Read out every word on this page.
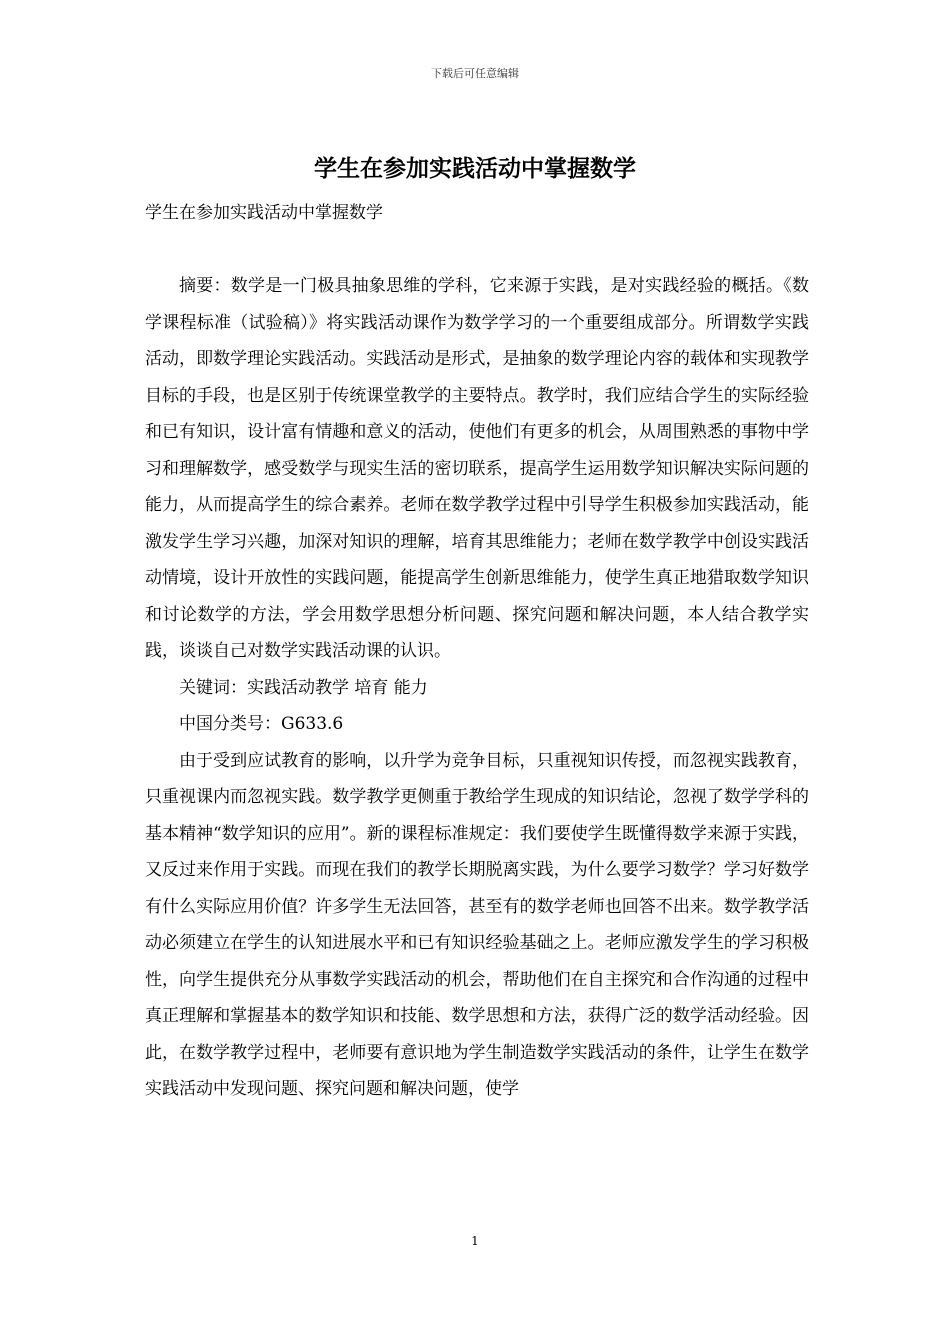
下载后可任意编辑
学生在参加实践活动中掌握数学
学生在参加实践活动中掌握数学

摘要：数学是一门极具抽象思维的学科，它来源于实践，是对实践经验的概括。《数学课程标准（试验稿）》将实践活动课作为数学学习的一个重要组成部分。所谓数学实践活动，即数学理论实践活动。实践活动是形式，是抽象的数学理论内容的载体和实现教学目标的手段，也是区别于传统课堂教学的主要特点。教学时，我们应结合学生的实际经验和已有知识，设计富有情趣和意义的活动，使他们有更多的机会，从周围熟悉的事物中学习和理解数学，感受数学与现实生活的密切联系，提高学生运用数学知识解决实际问题的能力，从而提高学生的综合素养。老师在数学教学过程中引导学生积极参加实践活动，能激发学生学习兴趣，加深对知识的理解，培育其思维能力；老师在数学教学中创设实践活动情境，设计开放性的实践问题，能提高学生创新思维能力，使学生真正地猎取数学知识和讨论数学的方法，学会用数学思想分析问题、探究问题和解决问题，本人结合教学实践，谈谈自己对数学实践活动课的认识。

关键词：实践活动教学 培育 能力

中国分类号：G633.6

由于受到应试教育的影响，以升学为竞争目标，只重视知识传授，而忽视实践教育，只重视课内而忽视实践。数学教学更侧重于教给学生现成的知识结论，忽视了数学学科的基本精神“数学知识的应用”。新的课程标准规定：我们要使学生既懂得数学来源于实践，又反过来作用于实践。而现在我们的教学长期脱离实践，为什么要学习数学？学习好数学有什么实际应用价值？许多学生无法回答，甚至有的数学老师也回答不出来。数学教学活动必须建立在学生的认知进展水平和已有知识经验基础之上。老师应激发学生的学习积极性，向学生提供充分从事数学实践活动的机会，帮助他们在自主探究和合作沟通的过程中真正理解和掌握基本的数学知识和技能、数学思想和方法，获得广泛的数学活动经验。因此，在数学教学过程中，老师要有意识地为学生制造数学实践活动的条件，让学生在数学实践活动中发现问题、探究问题和解决问题，使学

1
